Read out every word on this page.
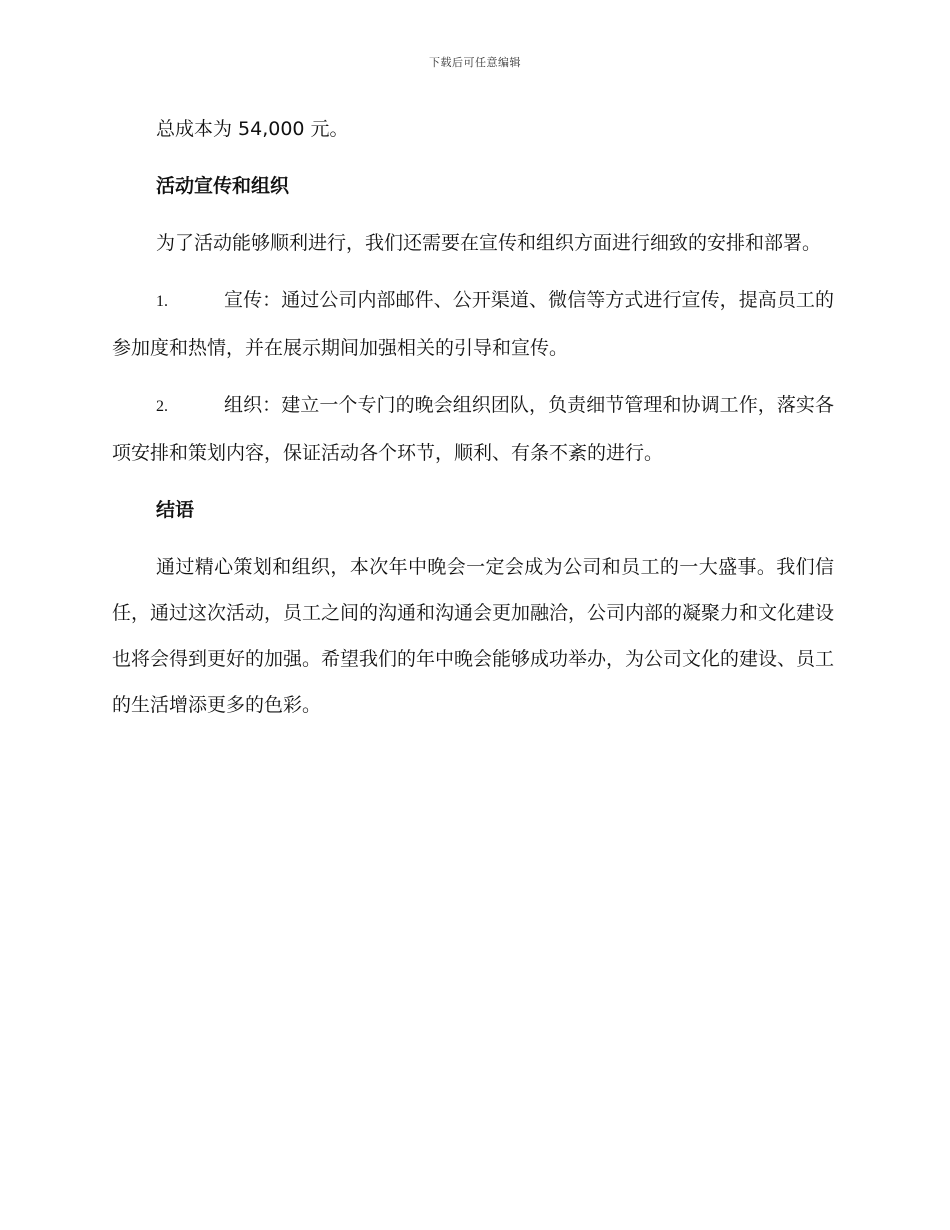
下载后可任意编辑

总成本为 54,000 元。

活动宣传和组织

为了活动能够顺利进行，我们还需要在宣传和组织方面进行细致的安排和部署。

1.	宣传：通过公司内部邮件、公开渠道、微信等方式进行宣传，提高员工的参加度和热情，并在展示期间加强相关的引导和宣传。
2.	组织：建立一个专门的晚会组织团队，负责细节管理和协调工作，落实各项安排和策划内容，保证活动各个环节，顺利、有条不紊的进行。
结语

通过精心策划和组织，本次年中晚会一定会成为公司和员工的一大盛事。我们信任，通过这次活动，员工之间的沟通和沟通会更加融洽，公司内部的凝聚力和文化建设也将会得到更好的加强。希望我们的年中晚会能够成功举办，为公司文化的建设、员工的生活增添更多的色彩。
